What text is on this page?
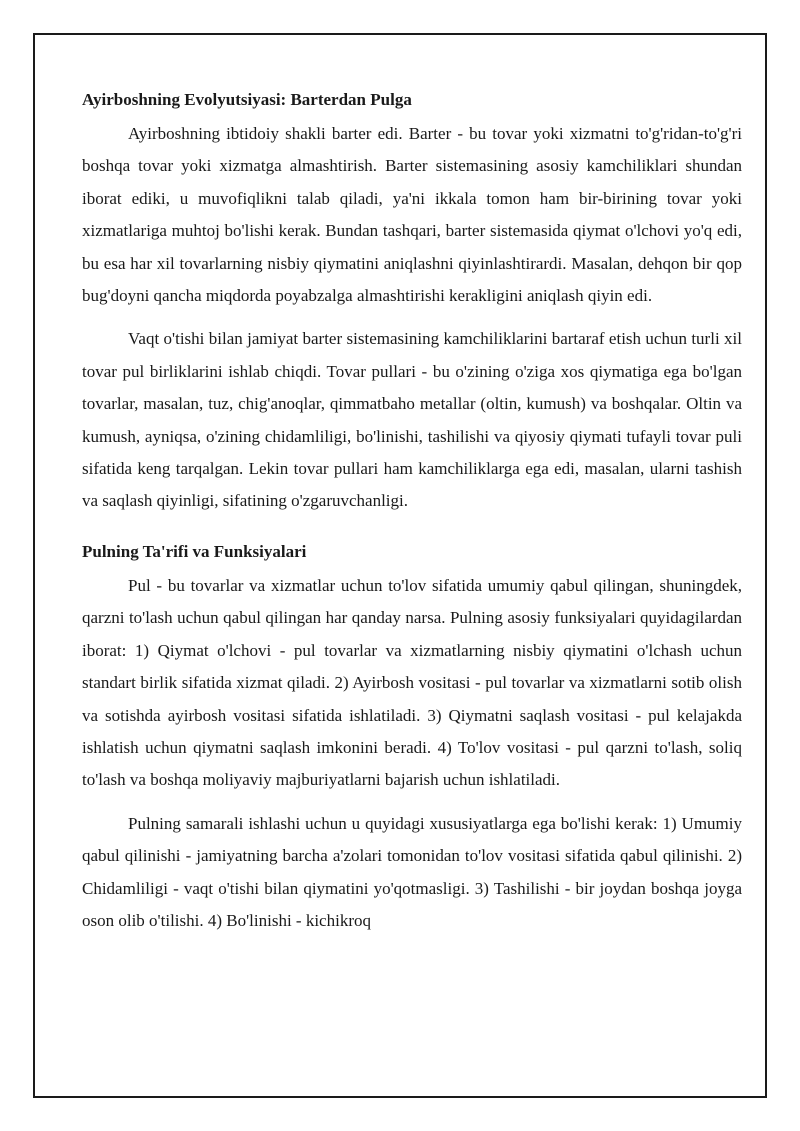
Ayirboshning Evolyutsiyasi: Barterdan Pulga

Ayirboshning ibtidoiy shakli barter edi. Barter - bu tovar yoki xizmatni to'g'ridan-to'g'ri boshqa tovar yoki xizmatga almashtirish. Barter sistemasining asosiy kamchiliklari shundan iborat ediki, u muvofiqlikni talab qiladi, ya'ni ikkala tomon ham bir-birining tovar yoki xizmatlariga muhtoj bo'lishi kerak. Bundan tashqari, barter sistemasida qiymat o'lchovi yo'q edi, bu esa har xil tovarlarning nisbiy qiymatini aniqlashni qiyinlashtirardi. Masalan, dehqon bir qop bug'doyni qancha miqdorda poyabzalga almashtirishi kerakligini aniqlash qiyin edi.

Vaqt o'tishi bilan jamiyat barter sistemasining kamchiliklarini bartaraf etish uchun turli xil tovar pul birliklarini ishlab chiqdi. Tovar pullari - bu o'zining o'ziga xos qiymatiga ega bo'lgan tovarlar, masalan, tuz, chig'anoqlar, qimmatbaho metallar (oltin, kumush) va boshqalar. Oltin va kumush, ayniqsa, o'zining chidamliligi, bo'linishi, tashilishi va qiyosiy qiymati tufayli tovar puli sifatida keng tarqalgan. Lekin tovar pullari ham kamchiliklarga ega edi, masalan, ularni tashish va saqlash qiyinligi, sifatining o'zgaruvchanligi.

Pulning Ta'rifi va Funksiyalari

Pul - bu tovarlar va xizmatlar uchun to'lov sifatida umumiy qabul qilingan, shuningdek, qarzni to'lash uchun qabul qilingan har qanday narsa. Pulning asosiy funksiyalari quyidagilardan iborat: 1) Qiymat o'lchovi - pul tovarlar va xizmatlarning nisbiy qiymatini o'lchash uchun standart birlik sifatida xizmat qiladi. 2) Ayirbosh vositasi - pul tovarlar va xizmatlarni sotib olish va sotishda ayirbosh vositasi sifatida ishlatiladi. 3) Qiymatni saqlash vositasi - pul kelajakda ishlatish uchun qiymatni saqlash imkonini beradi. 4) To'lov vositasi - pul qarzni to'lash, soliq to'lash va boshqa moliyaviy majburiyatlarni bajarish uchun ishlatiladi.

Pulning samarali ishlashi uchun u quyidagi xususiyatlarga ega bo'lishi kerak: 1) Umumiy qabul qilinishi - jamiyatning barcha a'zolari tomonidan to'lov vositasi sifatida qabul qilinishi. 2) Chidamliligi - vaqt o'tishi bilan qiymatini yo'qotmasligi. 3) Tashilishi - bir joydan boshqa joyga oson olib o'tilishi. 4) Bo'linishi - kichikroq
